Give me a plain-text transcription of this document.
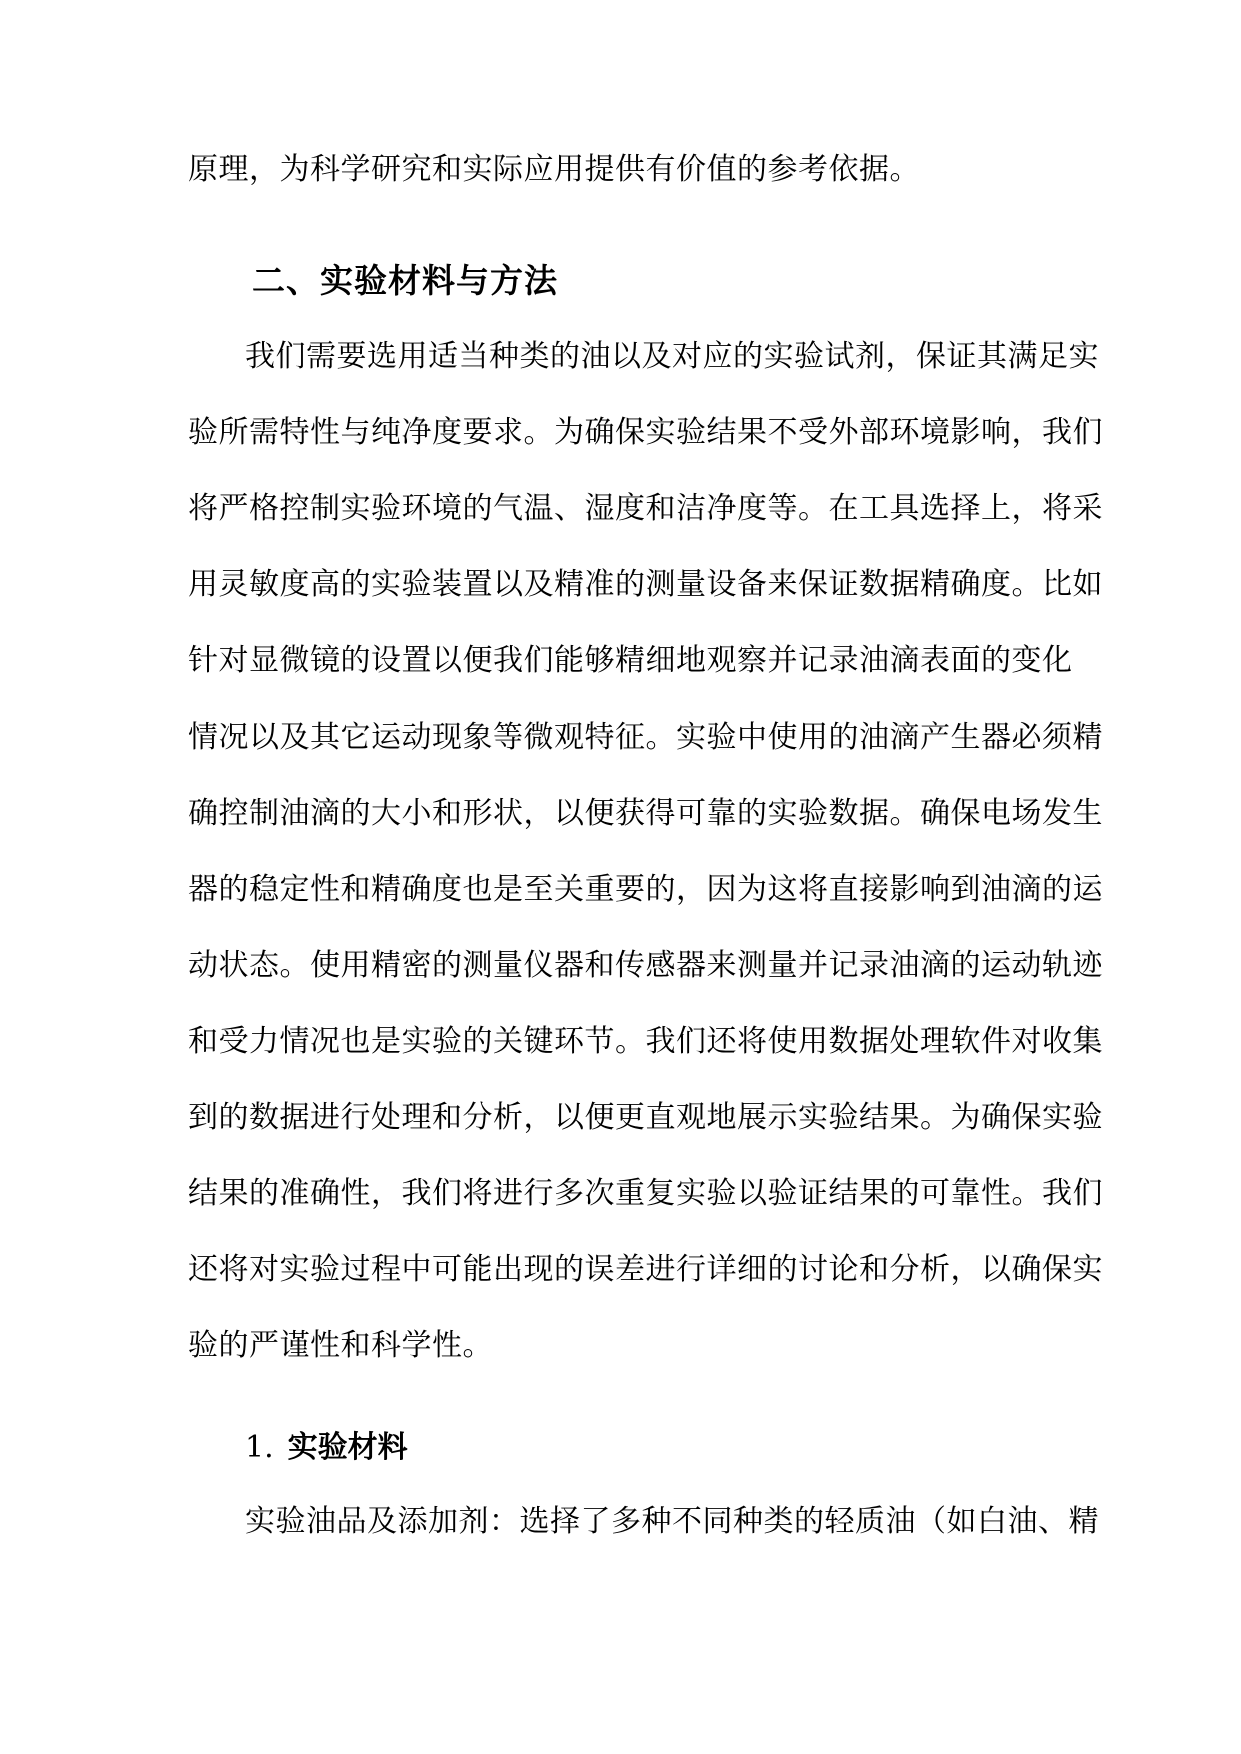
原理，为科学研究和实际应用提供有价值的参考依据。
二、实验材料与方法
我们需要选用适当种类的油以及对应的实验试剂，保证其满足实
验所需特性与纯净度要求。为确保实验结果不受外部环境影响，我们
将严格控制实验环境的气温、湿度和洁净度等。在工具选择上，将采
用灵敏度高的实验装置以及精准的测量设备来保证数据精确度。比如
针对显微镜的设置以便我们能够精细地观察并记录油滴表面的变化
情况以及其它运动现象等微观特征。实验中使用的油滴产生器必须精
确控制油滴的大小和形状，以便获得可靠的实验数据。确保电场发生
器的稳定性和精确度也是至关重要的，因为这将直接影响到油滴的运
动状态。使用精密的测量仪器和传感器来测量并记录油滴的运动轨迹
和受力情况也是实验的关键环节。我们还将使用数据处理软件对收集
到的数据进行处理和分析，以便更直观地展示实验结果。为确保实验
结果的准确性，我们将进行多次重复实验以验证结果的可靠性。我们
还将对实验过程中可能出现的误差进行详细的讨论和分析，以确保实
验的严谨性和科学性。
1. 实验材料
实验油品及添加剂：选择了多种不同种类的轻质油（如白油、精
